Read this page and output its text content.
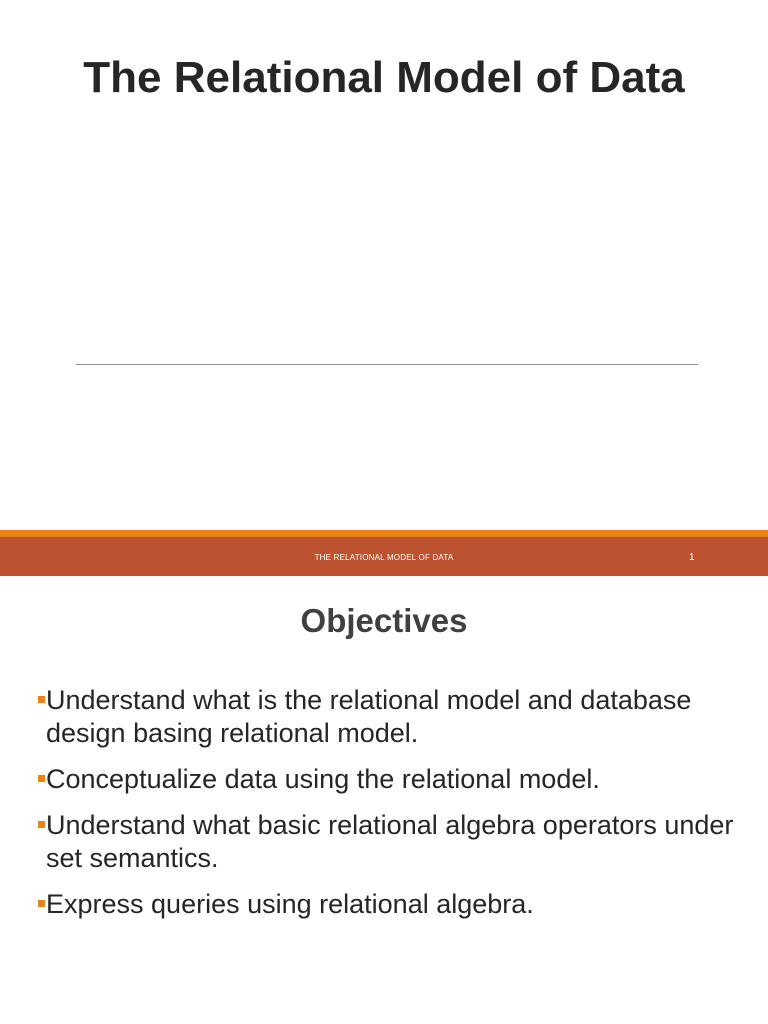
The Relational Model of Data
THE RELATIONAL MODEL OF DATA	1
Objectives
Understand what is the relational model and database design basing relational model.
Conceptualize data using the relational model.
Understand what basic relational algebra operators under set semantics.
Express queries using relational algebra.
